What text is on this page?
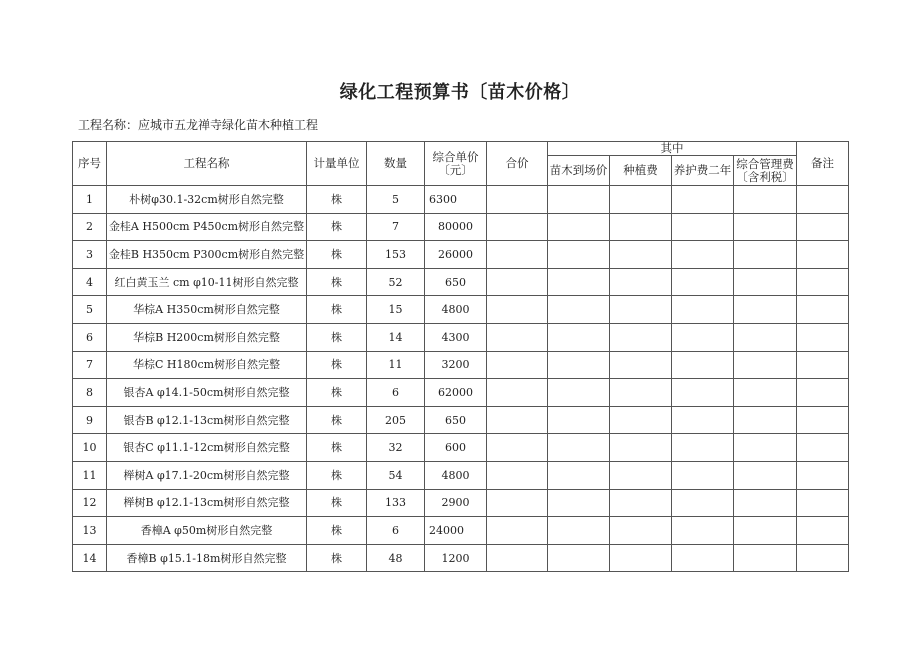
绿化工程预算书〔苗木价格〕
工程名称：应城市五龙禅寺绿化苗木种植工程
序号	工程名称	计量单位	数量	综合单价〔元〕	合价	其中				备注
						苗木到场价	种植费	养护费二年	综合管理费〔含利税〕	
1	朴树φ30.1-32cm树形自然完整	株	5	6300						
2	金桂A H500cm P450cm树形自然完整	株	7	80000						
3	金桂B H350cm P300cm树形自然完整	株	153	26000						
4	红白黄玉兰 cm φ10-11树形自然完整	株	52	650						
5	华棕A H350cm树形自然完整	株	15	4800						
6	华棕B H200cm树形自然完整	株	14	4300						
7	华棕C H180cm树形自然完整	株	11	3200						
8	银杏A φ14.1-50cm树形自然完整	株	6	62000						
9	银杏B φ12.1-13cm树形自然完整	株	205	650						
10	银杏C φ11.1-12cm树形自然完整	株	32	600						
11	榉树A φ17.1-20cm树形自然完整	株	54	4800						
12	榉树B φ12.1-13cm树形自然完整	株	133	2900						
13	香樟A φ50m树形自然完整	株	6	24000						
14	香樟B φ15.1-18m树形自然完整	株	48	1200						
